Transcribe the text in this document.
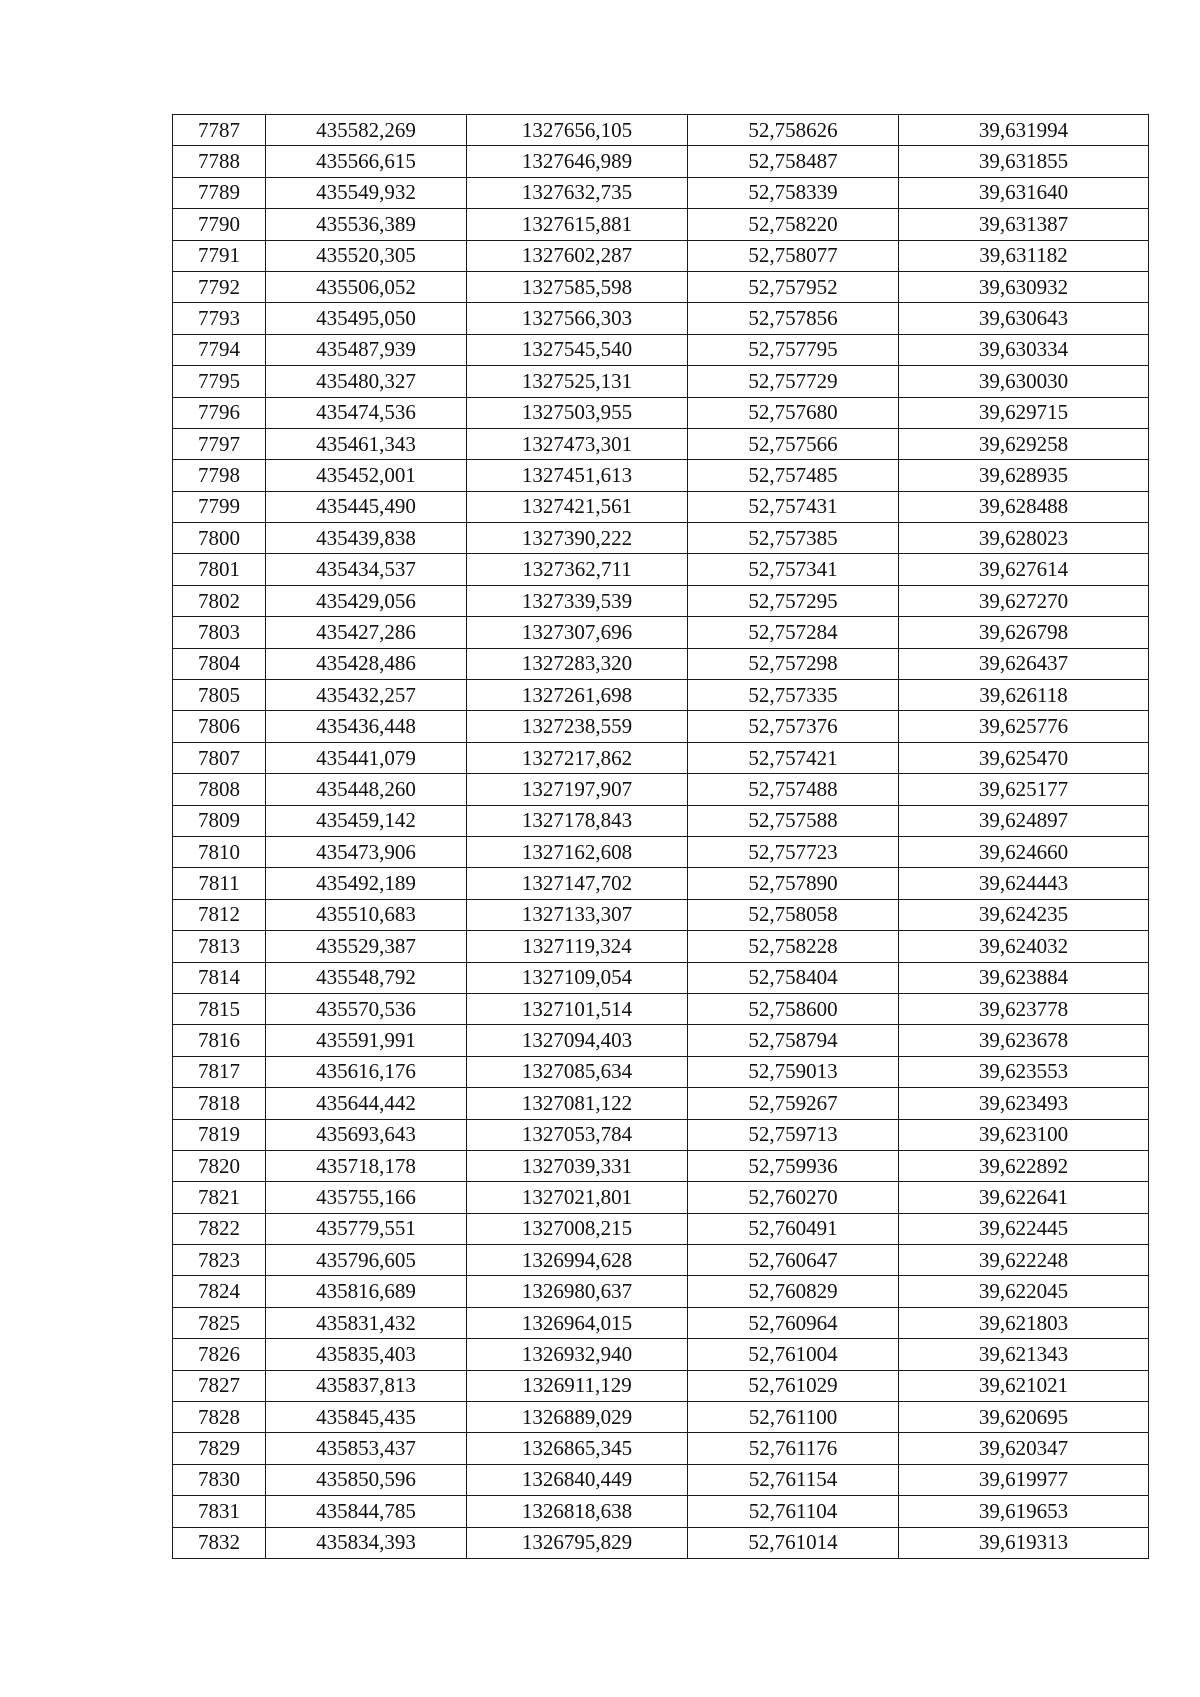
7787	435582,269	1327656,105	52,758626	39,631994
7788	435566,615	1327646,989	52,758487	39,631855
7789	435549,932	1327632,735	52,758339	39,631640
7790	435536,389	1327615,881	52,758220	39,631387
7791	435520,305	1327602,287	52,758077	39,631182
7792	435506,052	1327585,598	52,757952	39,630932
7793	435495,050	1327566,303	52,757856	39,630643
7794	435487,939	1327545,540	52,757795	39,630334
7795	435480,327	1327525,131	52,757729	39,630030
7796	435474,536	1327503,955	52,757680	39,629715
7797	435461,343	1327473,301	52,757566	39,629258
7798	435452,001	1327451,613	52,757485	39,628935
7799	435445,490	1327421,561	52,757431	39,628488
7800	435439,838	1327390,222	52,757385	39,628023
7801	435434,537	1327362,711	52,757341	39,627614
7802	435429,056	1327339,539	52,757295	39,627270
7803	435427,286	1327307,696	52,757284	39,626798
7804	435428,486	1327283,320	52,757298	39,626437
7805	435432,257	1327261,698	52,757335	39,626118
7806	435436,448	1327238,559	52,757376	39,625776
7807	435441,079	1327217,862	52,757421	39,625470
7808	435448,260	1327197,907	52,757488	39,625177
7809	435459,142	1327178,843	52,757588	39,624897
7810	435473,906	1327162,608	52,757723	39,624660
7811	435492,189	1327147,702	52,757890	39,624443
7812	435510,683	1327133,307	52,758058	39,624235
7813	435529,387	1327119,324	52,758228	39,624032
7814	435548,792	1327109,054	52,758404	39,623884
7815	435570,536	1327101,514	52,758600	39,623778
7816	435591,991	1327094,403	52,758794	39,623678
7817	435616,176	1327085,634	52,759013	39,623553
7818	435644,442	1327081,122	52,759267	39,623493
7819	435693,643	1327053,784	52,759713	39,623100
7820	435718,178	1327039,331	52,759936	39,622892
7821	435755,166	1327021,801	52,760270	39,622641
7822	435779,551	1327008,215	52,760491	39,622445
7823	435796,605	1326994,628	52,760647	39,622248
7824	435816,689	1326980,637	52,760829	39,622045
7825	435831,432	1326964,015	52,760964	39,621803
7826	435835,403	1326932,940	52,761004	39,621343
7827	435837,813	1326911,129	52,761029	39,621021
7828	435845,435	1326889,029	52,761100	39,620695
7829	435853,437	1326865,345	52,761176	39,620347
7830	435850,596	1326840,449	52,761154	39,619977
7831	435844,785	1326818,638	52,761104	39,619653
7832	435834,393	1326795,829	52,761014	39,619313
